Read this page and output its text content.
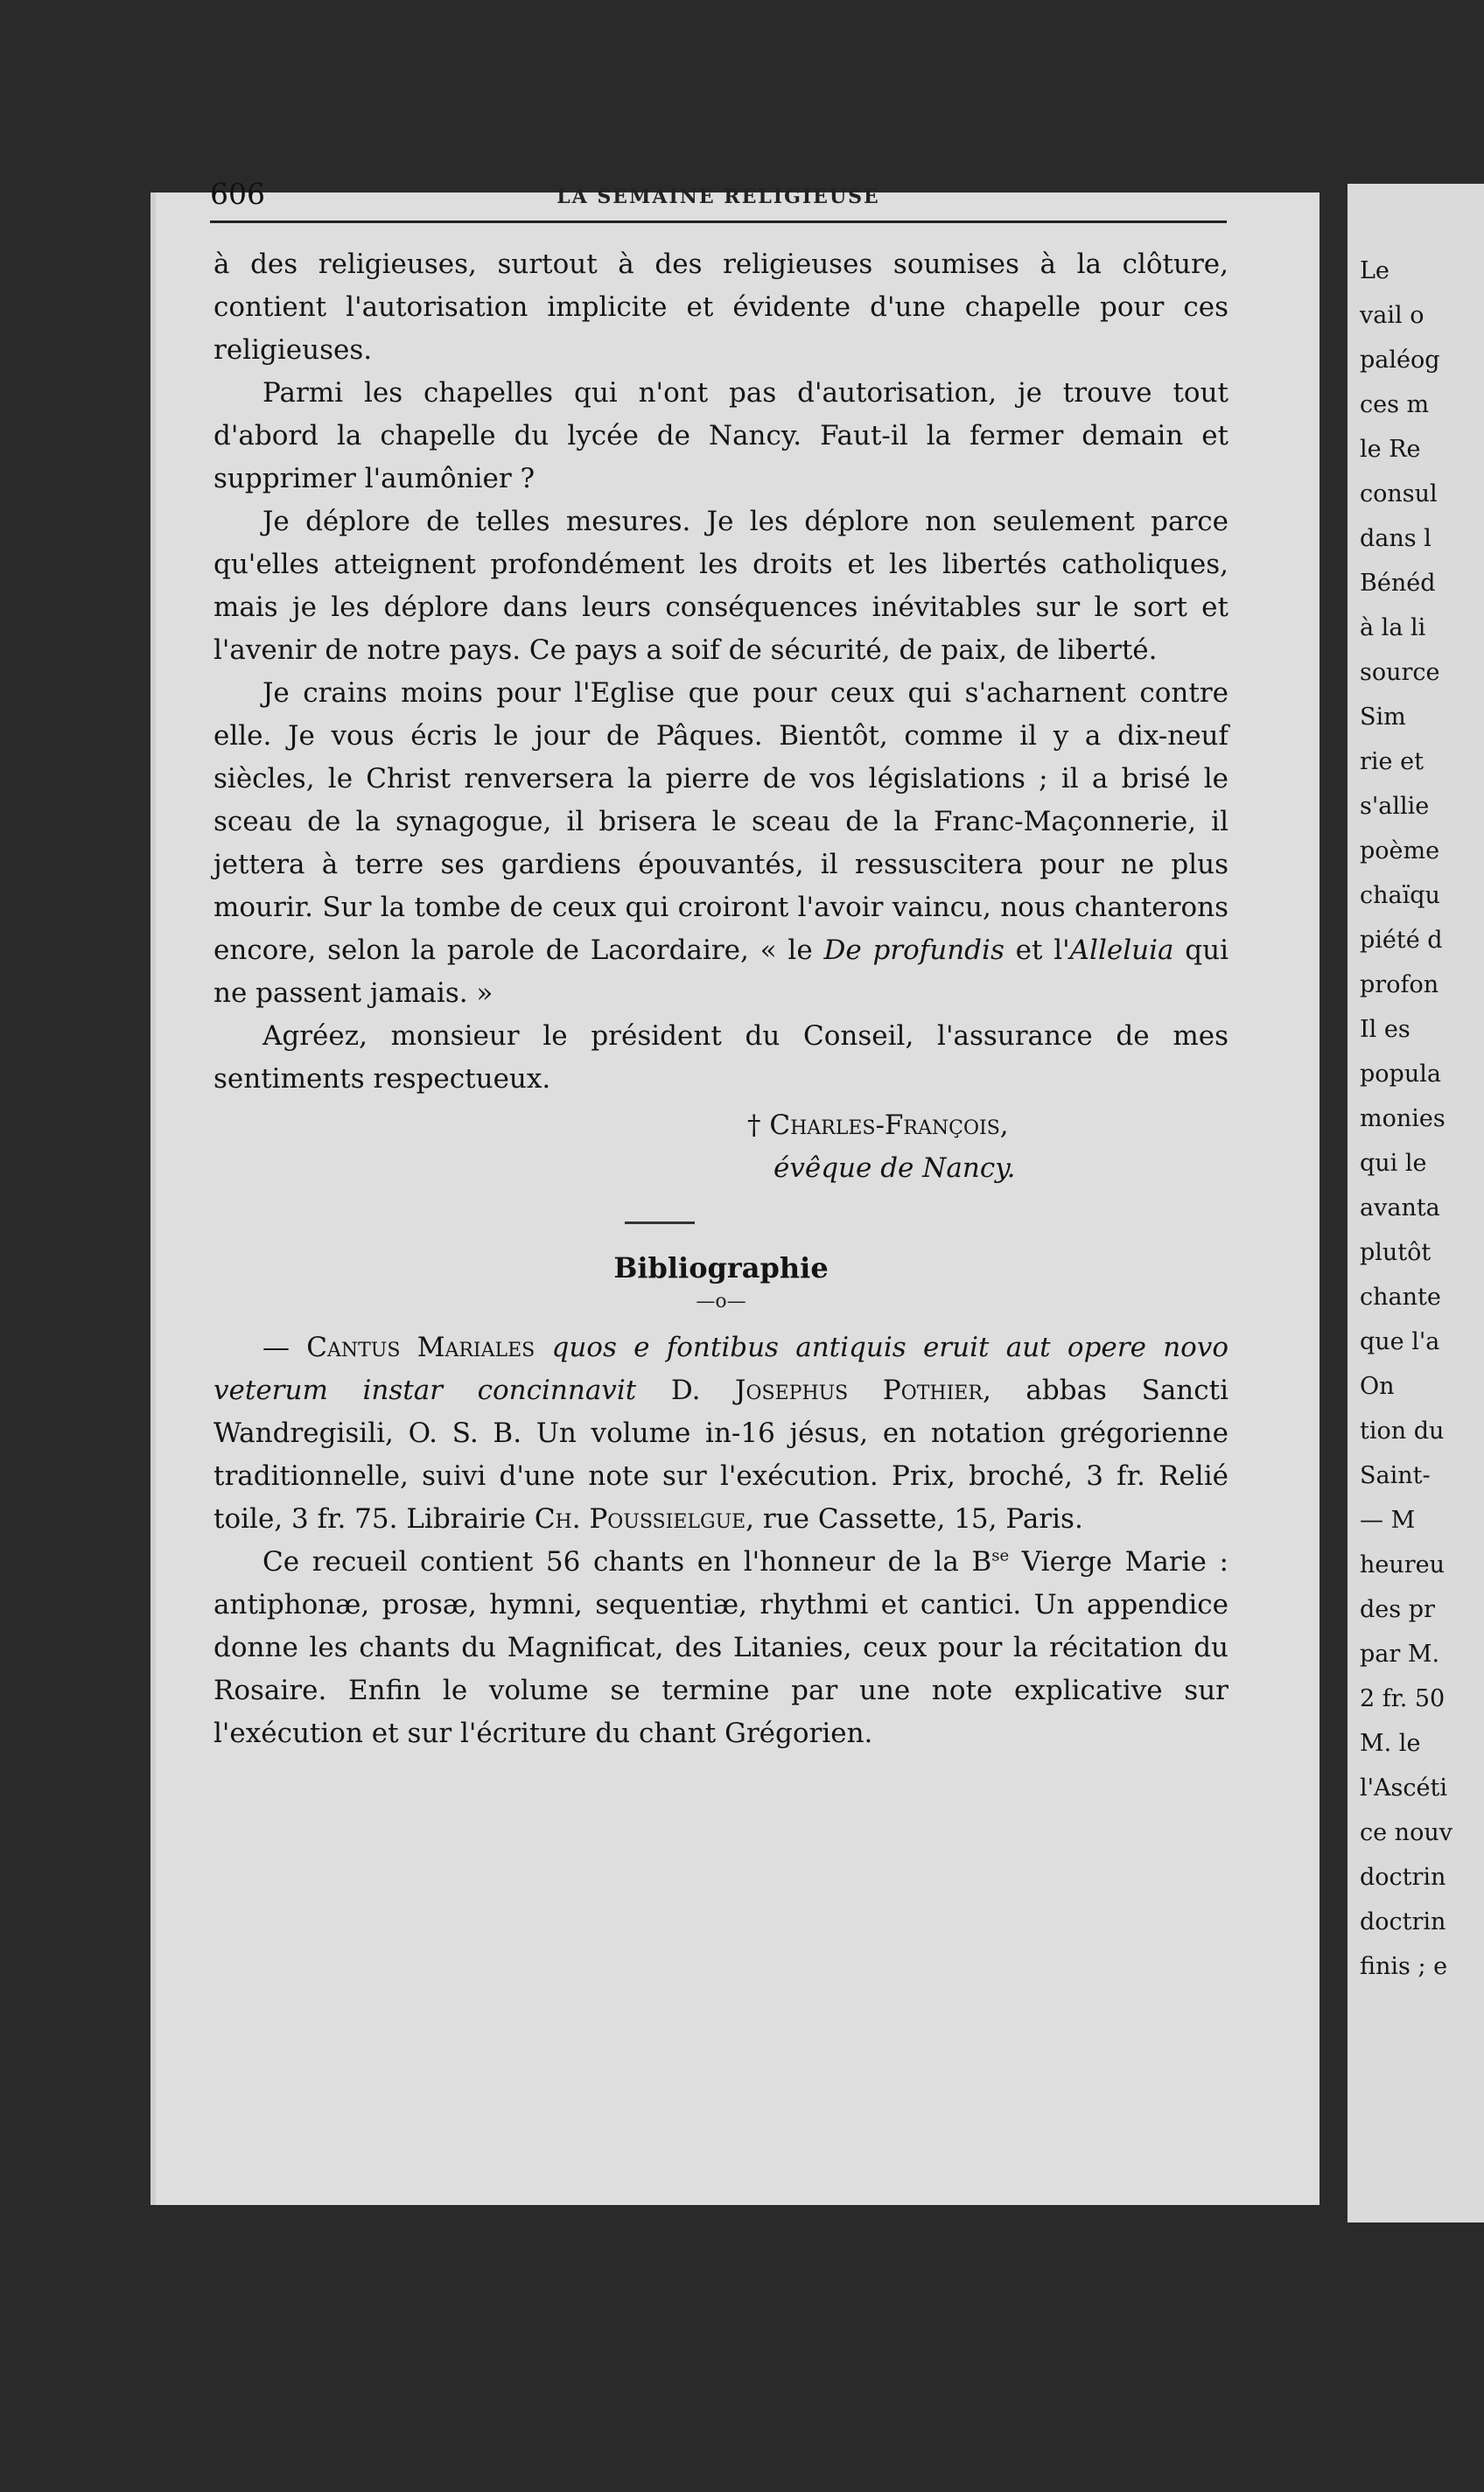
Le
vail o
paléog
ces m
le Re
consul
dans l
Bénéd
à la li
source
Sim
rie et
s'allie
poème
chaïqu
piété d
profon
Il es
popula
monies
qui le
avanta
plutôt
chante
que l'a
On
tion du
Saint-
— M
heureu
des pr
par M.
2 fr. 50
M. le
l'Ascéti
ce nouv
doctrin
doctrin
finis ; e
606	LA SEMAINE RELIGIEUSE

à des religieuses, surtout à des religieuses soumises à la clôture, contient l'autorisation implicite et évidente d'une chapelle pour ces religieuses.

Parmi les chapelles qui n'ont pas d'autorisation, je trouve tout d'abord la chapelle du lycée de Nancy. Faut-il la fermer demain et supprimer l'aumônier ?

Je déplore de telles mesures. Je les déplore non seulement parce qu'elles atteignent profondément les droits et les libertés catholiques, mais je les déplore dans leurs conséquences inévitables sur le sort et l'avenir de notre pays. Ce pays a soif de sécurité, de paix, de liberté.

Je crains moins pour l'Eglise que pour ceux qui s'acharnent contre elle. Je vous écris le jour de Pâques. Bientôt, comme il y a dix-neuf siècles, le Christ renversera la pierre de vos législations ; il a brisé le sceau de la synagogue, il brisera le sceau de la Franc-Maçonnerie, il jettera à terre ses gardiens épouvantés, il ressuscitera pour ne plus mourir. Sur la tombe de ceux qui croiront l'avoir vaincu, nous chanterons encore, selon la parole de Lacordaire, « le De profundis et l'Alleluia qui ne passent jamais. »

Agréez, monsieur le président du Conseil, l'assurance de mes sentiments respectueux.

† Charles-François,
évêque de Nancy.
Bibliographie
—o—

— Cantus Mariales quos e fontibus antiquis eruit aut opere novo veterum instar concinnavit D. Josephus Pothier, abbas Sancti Wandregisili, O. S. B. Un volume in-16 jésus, en notation grégorienne traditionnelle, suivi d'une note sur l'exécution. Prix, broché, 3 fr. Relié toile, 3 fr. 75. Librairie Ch. Poussielgue, rue Cassette, 15, Paris.

Ce recueil contient 56 chants en l'honneur de la $B^{se}$ Vierge Marie : antiphonæ, prosæ, hymni, sequentiæ, rhythmi et cantici. Un appendice donne les chants du Magnificat, des Litanies, ceux pour la récitation du Rosaire. Enfin le volume se termine par une note explicative sur l'exécution et sur l'écriture du chant Grégorien.
